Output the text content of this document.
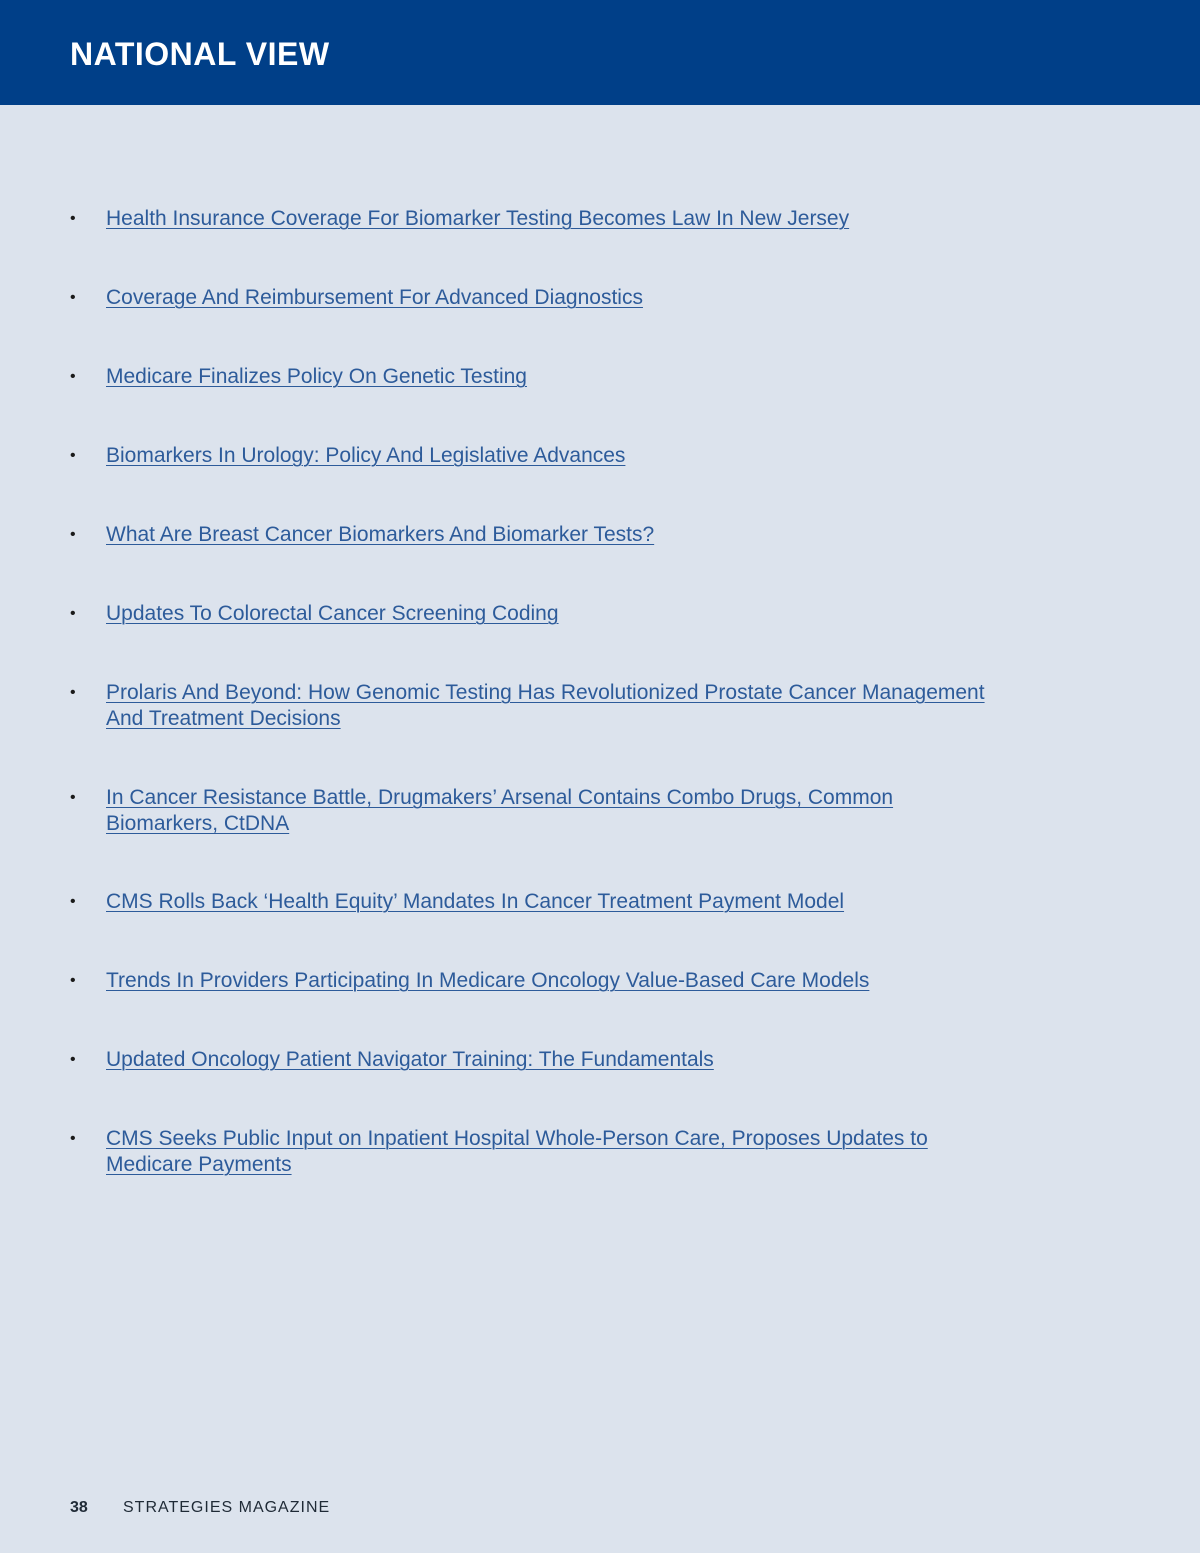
NATIONAL VIEW
• Health Insurance Coverage For Biomarker Testing Becomes Law In New Jersey
• Coverage And Reimbursement For Advanced Diagnostics
• Medicare Finalizes Policy On Genetic Testing
• Biomarkers In Urology: Policy And Legislative Advances
• What Are Breast Cancer Biomarkers And Biomarker Tests?
• Updates To Colorectal Cancer Screening Coding
• Prolaris And Beyond: How Genomic Testing Has Revolutionized Prostate Cancer Management And Treatment Decisions
• In Cancer Resistance Battle, Drugmakers’ Arsenal Contains Combo Drugs, Common Biomarkers, CtDNA
• CMS Rolls Back ‘Health Equity’ Mandates In Cancer Treatment Payment Model
• Trends In Providers Participating In Medicare Oncology Value-Based Care Models
• Updated Oncology Patient Navigator Training: The Fundamentals
• CMS Seeks Public Input on Inpatient Hospital Whole-Person Care, Proposes Updates to Medicare Payments
38 STRATEGIES MAGAZINE
